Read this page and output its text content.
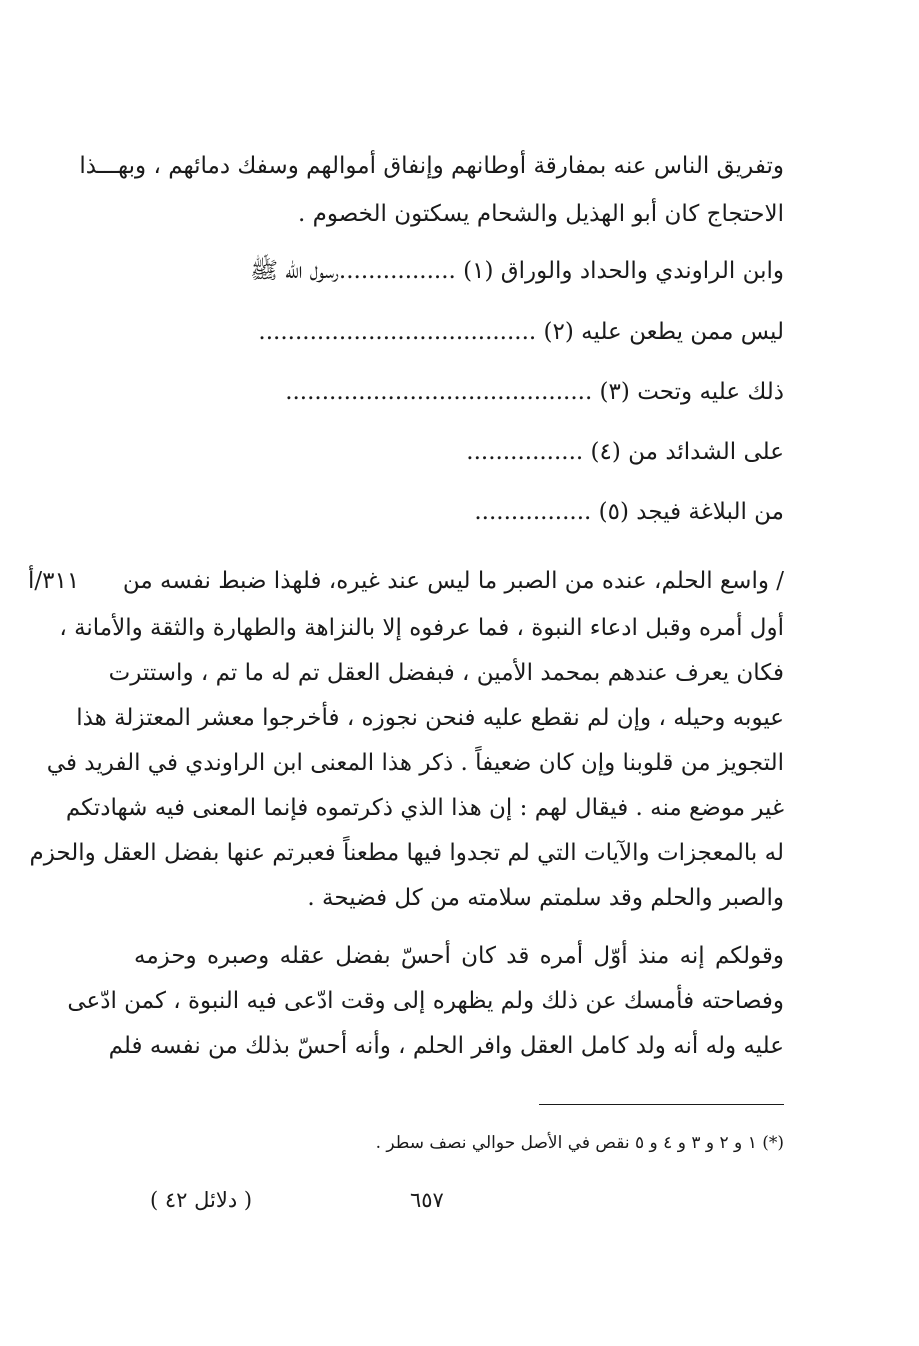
وتفريق الناس عنه بمفارقة أوطانهم وإنفاق أموالهم وسفك دمائهم ، وبهـــذا
الاحتجاج كان أبو الهذيل والشحام يسكتون الخصوم .
وابن الراوندي والحداد والوراق (١) ................رسول الله ﷺ
ليس ممن يطعن عليه (٢) ......................................
ذلك عليه وتحت (٣) ..........................................
على الشدائد من (٤) ................
من البلاغة فيجد (٥) ................
/ واسع الحلم، عنده من الصبر ما ليس عند غيره، فلهذا ضبط نفسه من
أول أمره وقبل ادعاء النبوة ، فما عرفوه إلا بالنزاهة والطهارة والثقة والأمانة ،
فكان يعرف عندهم بمحمد الأمين ، فبفضل العقل تم له ما تم ، واستترت
عيوبه وحيله ، وإن لم نقطع عليه فنحن نجوزه ، فأخرجوا معشر المعتزلة هذا
التجويز من قلوبنا وإن كان ضعيفاً . ذكر هذا المعنى ابن الراوندي في الفريد في
غير موضع منه . فيقال لهم : إن هذا الذي ذكرتموه فإنما المعنى فيه شهادتكم
له بالمعجزات والآيات التي لم تجدوا فيها مطعناً فعبرتم عنها بفضل العقل والحزم
والصبر والحلم وقد سلمتم سلامته من كل فضيحة .
وقولكم إنه منذ أوّل أمره قد كان أحسّ بفضل عقله وصبره وحزمه
وفصاحته فأمسك عن ذلك ولم يظهره إلى وقت ادّعى فيه النبوة ، كمن ادّعى
عليه وله أنه ولد كامل العقل وافر الحلم ، وأنه أحسّ بذلك من نفسه فلم
٣١١/أ
(*) ١ و ٢ و ٣ و ٤ و ٥ نقص في الأصل حوالي نصف سطر .
٦٥٧
( دلائل ٤٢ )
